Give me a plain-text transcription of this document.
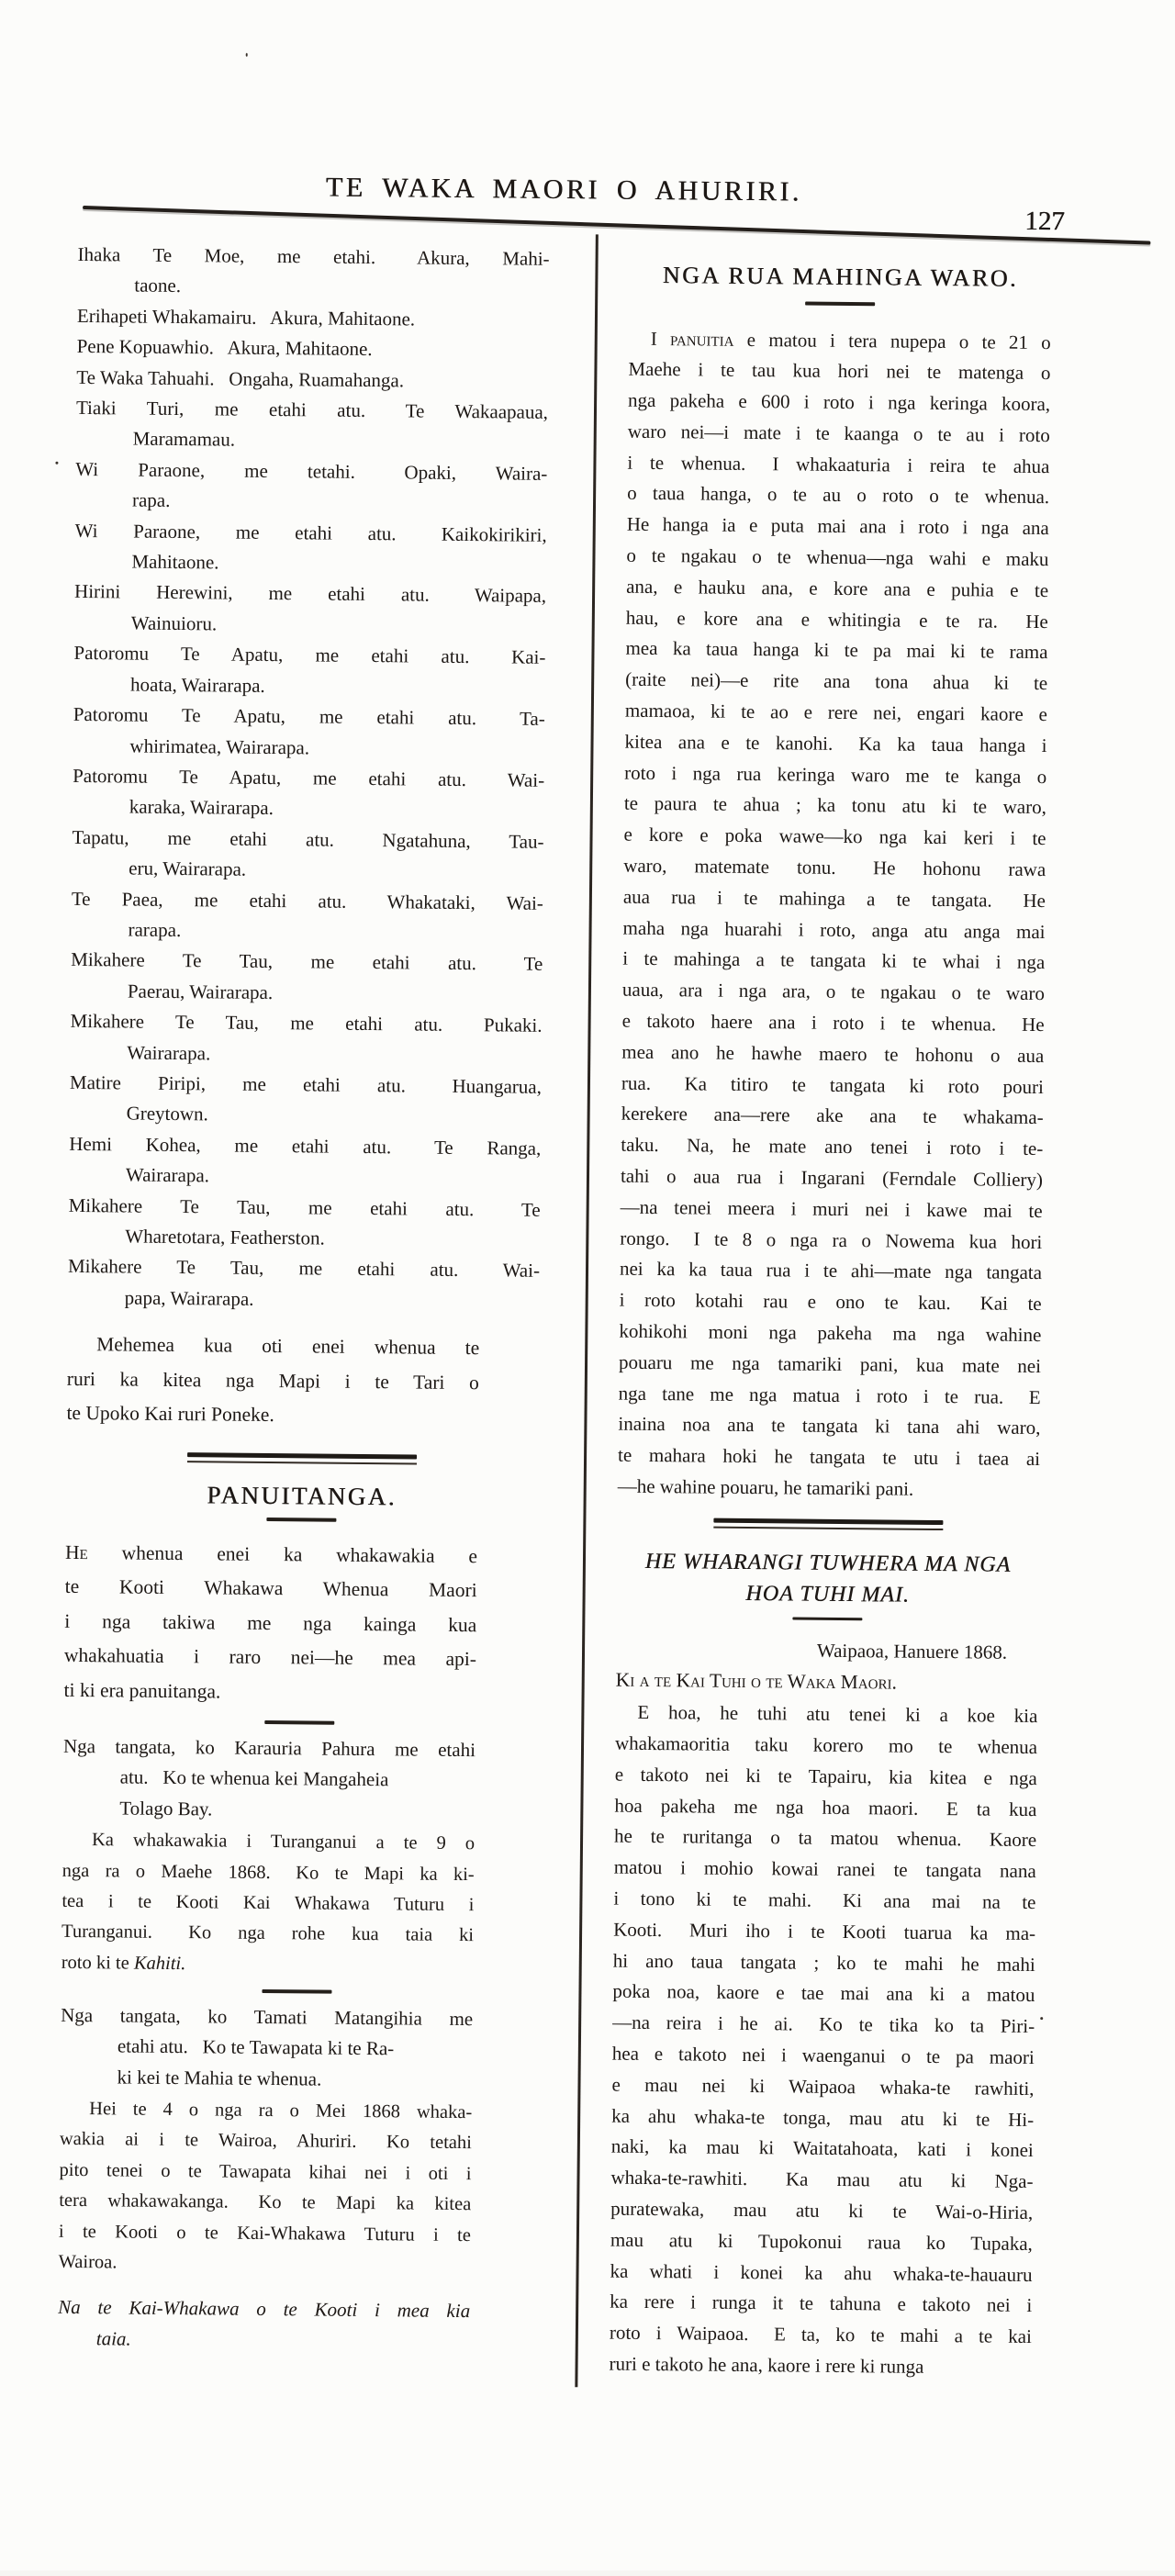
TE WAKA MAORI O AHURIRI.
127
Ihaka Te Moe, me etahi.  Akura, Mahi-
taone.
Erihapeti Whakamairu.  Akura, Mahitaone.
Pene Kopuawhio.  Akura, Mahitaone.
Te Waka Tahuahi.  Ongaha, Ruamahanga.
Tiaki Turi, me etahi atu.  Te Wakaapaua,
Maramamau.
Wi Paraone, me tetahi.  Opaki, Waira-
rapa.
Wi Paraone, me etahi atu.  Kaikokirikiri,
Mahitaone.
Hirini Herewini, me etahi atu.  Waipapa,
Wainuioru.
Patoromu Te Apatu, me etahi atu.  Kai-
hoata, Wairarapa.
Patoromu Te Apatu, me etahi atu.  Ta-
whirimatea, Wairarapa.
Patoromu Te Apatu, me etahi atu.  Wai-
karaka, Wairarapa.
Tapatu, me etahi atu.  Ngatahuna, Tau-
eru, Wairarapa.
Te Paea, me etahi atu.  Whakataki, Wai-
rarapa.
Mikahere Te Tau, me etahi atu.  Te
Paerau, Wairarapa.
Mikahere Te Tau, me etahi atu.  Pukaki.
Wairarapa.
Matire Piripi, me etahi atu.  Huangarua,
Greytown.
Hemi Kohea, me etahi atu.  Te Ranga,
Wairarapa.
Mikahere Te Tau, me etahi atu.  Te
Wharetotara, Featherston.
Mikahere Te Tau, me etahi atu.  Wai-
papa, Wairarapa.
Mehemea kua oti enei whenua te
ruri ka kitea nga Mapi i te Tari o
te Upoko Kai ruri Poneke.
PANUITANGA.
He whenua enei ka whakawakia e
te Kooti Whakawa Whenua Maori
i nga takiwa me nga kainga kua
whakahuatia i raro nei—he mea api-
ti ki era panuitanga.
Nga tangata, ko Karauria Pahura me etahi
atu.  Ko te whenua kei Mangaheia
Tolago Bay.
Ka whakawakia i Turanganui a te 9 o
nga ra o Maehe 1868.  Ko te Mapi ka ki-
tea i te Kooti Kai Whakawa Tuturu i
Turanganui.  Ko nga rohe kua taia ki
roto ki te Kahiti.
Nga tangata, ko Tamati Matangihia me
etahi atu.  Ko te Tawapata ki te Ra-
ki kei te Mahia te whenua.
Hei te 4 o nga ra o Mei 1868 whaka-
wakia ai i te Wairoa, Ahuriri.  Ko tetahi
pito tenei o te Tawapata kihai nei i oti i
tera whakawakanga.  Ko te Mapi ka kitea
i te Kooti o te Kai-Whakawa Tuturu i te
Wairoa.
Na te Kai-Whakawa o te Kooti i mea kia
taia.
NGA RUA MAHINGA WARO.
I panuitia e matou i tera nupepa o te 21 o
Maehe i te tau kua hori nei te matenga o
nga pakeha e 600 i roto i nga keringa koora,
waro nei—i mate i te kaanga o te au i roto
i te whenua.  I whakaaturia i reira te ahua
o taua hanga, o te au o roto o te whenua.
He hanga ia e puta mai ana i roto i nga ana
o te ngakau o te whenua—nga wahi e maku
ana, e hauku ana, e kore ana e puhia e te
hau, e kore ana e whitingia e te ra.  He
mea ka taua hanga ki te pa mai ki te rama
(raite nei)—e rite ana tona ahua ki te
mamaoa, ki te ao e rere nei, engari kaore e
kitea ana e te kanohi.  Ka ka taua hanga i
roto i nga rua keringa waro me te kanga o
te paura te ahua ; ka tonu atu ki te waro,
e kore e poka wawe—ko nga kai keri i te
waro, matemate tonu.  He hohonu rawa
aua rua i te mahinga a te tangata.  He
maha nga huarahi i roto, anga atu anga mai
i te mahinga a te tangata ki te whai i nga
uaua, ara i nga ara, o te ngakau o te waro
e takoto haere ana i roto i te whenua.  He
mea ano he hawhe maero te hohonu o aua
rua.  Ka titiro te tangata ki roto pouri
kerekere ana—rere ake ana te whakama-
taku.  Na, he mate ano tenei i roto i te-
tahi o aua rua i Ingarani (Ferndale Colliery)
—na tenei meera i muri nei i kawe mai te
rongo.  I te 8 o nga ra o Nowema kua hori
nei ka ka taua rua i te ahi—mate nga tangata
i roto kotahi rau e ono te kau.  Kai te
kohikohi moni nga pakeha ma nga wahine
pouaru me nga tamariki pani, kua mate nei
nga tane me nga matua i roto i te rua.  E
inaina noa ana te tangata ki tana ahi waro,
te mahara hoki he tangata te utu i taea ai
—he wahine pouaru, he tamariki pani.
HE WHARANGI TUWHERA MA NGA
HOA TUHI MAI.
Waipaoa, Hanuere 1868.
Ki a te Kai Tuhi o te Waka Maori.
E hoa, he tuhi atu tenei ki a koe kia
whakamaoritia taku korero mo te whenua
e takoto nei ki te Tapairu, kia kitea e nga
hoa pakeha me nga hoa maori.  E ta kua
he te ruritanga o ta matou whenua.  Kaore
matou i mohio kowai ranei te tangata nana
i tono ki te mahi.  Ki ana mai na te
Kooti.  Muri iho i te Kooti tuarua ka ma-
hi ano taua tangata ; ko te mahi he mahi
poka noa, kaore e tae mai ana ki a matou
—na reira i he ai.  Ko te tika ko ta Piri-
hea e takoto nei i waenganui o te pa maori
e mau nei ki Waipaoa whaka-te rawhiti,
ka ahu whaka-te tonga, mau atu ki te Hi-
naki, ka mau ki Waitatahoata, kati i konei
whaka-te-rawhiti.  Ka mau atu ki Nga-
puratewaka, mau atu ki te Wai-o-Hiria,
mau atu ki Tupokonui raua ko Tupaka,
ka whati i konei ka ahu whaka-te-hauauru
ka rere i runga it te tahuna e takoto nei i
roto i Waipaoa.  E ta, ko te mahi a te kai
ruri e takoto he ana, kaore i rere ki runga
